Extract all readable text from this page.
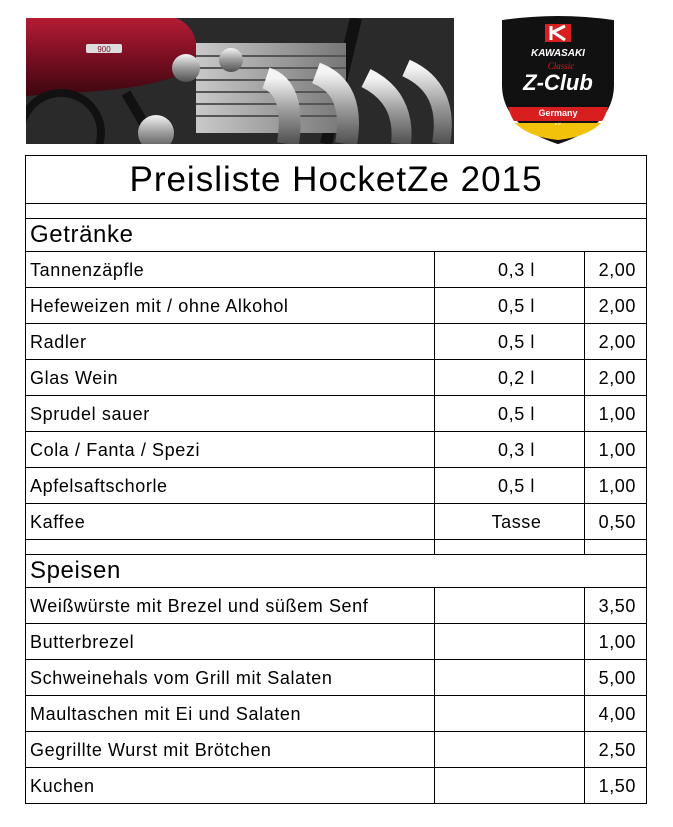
900	KAWASAKI
Classic
Z-Club
Germany
e.V.
Preisliste HocketZe 2015		

Getränke		
Tannenzäpfle	0,3 l	2,00
Hefeweizen mit / ohne Alkohol	0,5 l	2,00
Radler	0,5 l	2,00
Glas Wein	0,2 l	2,00
Sprudel sauer	0,5 l	1,00
Cola / Fanta / Spezi	0,3 l	1,00
Apfelsaftschorle	0,5 l	1,00
Kaffee	Tasse	0,50

Speisen		
Weißwürste mit Brezel und süßem Senf		3,50
Butterbrezel		1,00
Schweinehals vom Grill mit Salaten		5,00
Maultaschen mit Ei und Salaten		4,00
Gegrillte Wurst mit Brötchen		2,50
Kuchen		1,50
